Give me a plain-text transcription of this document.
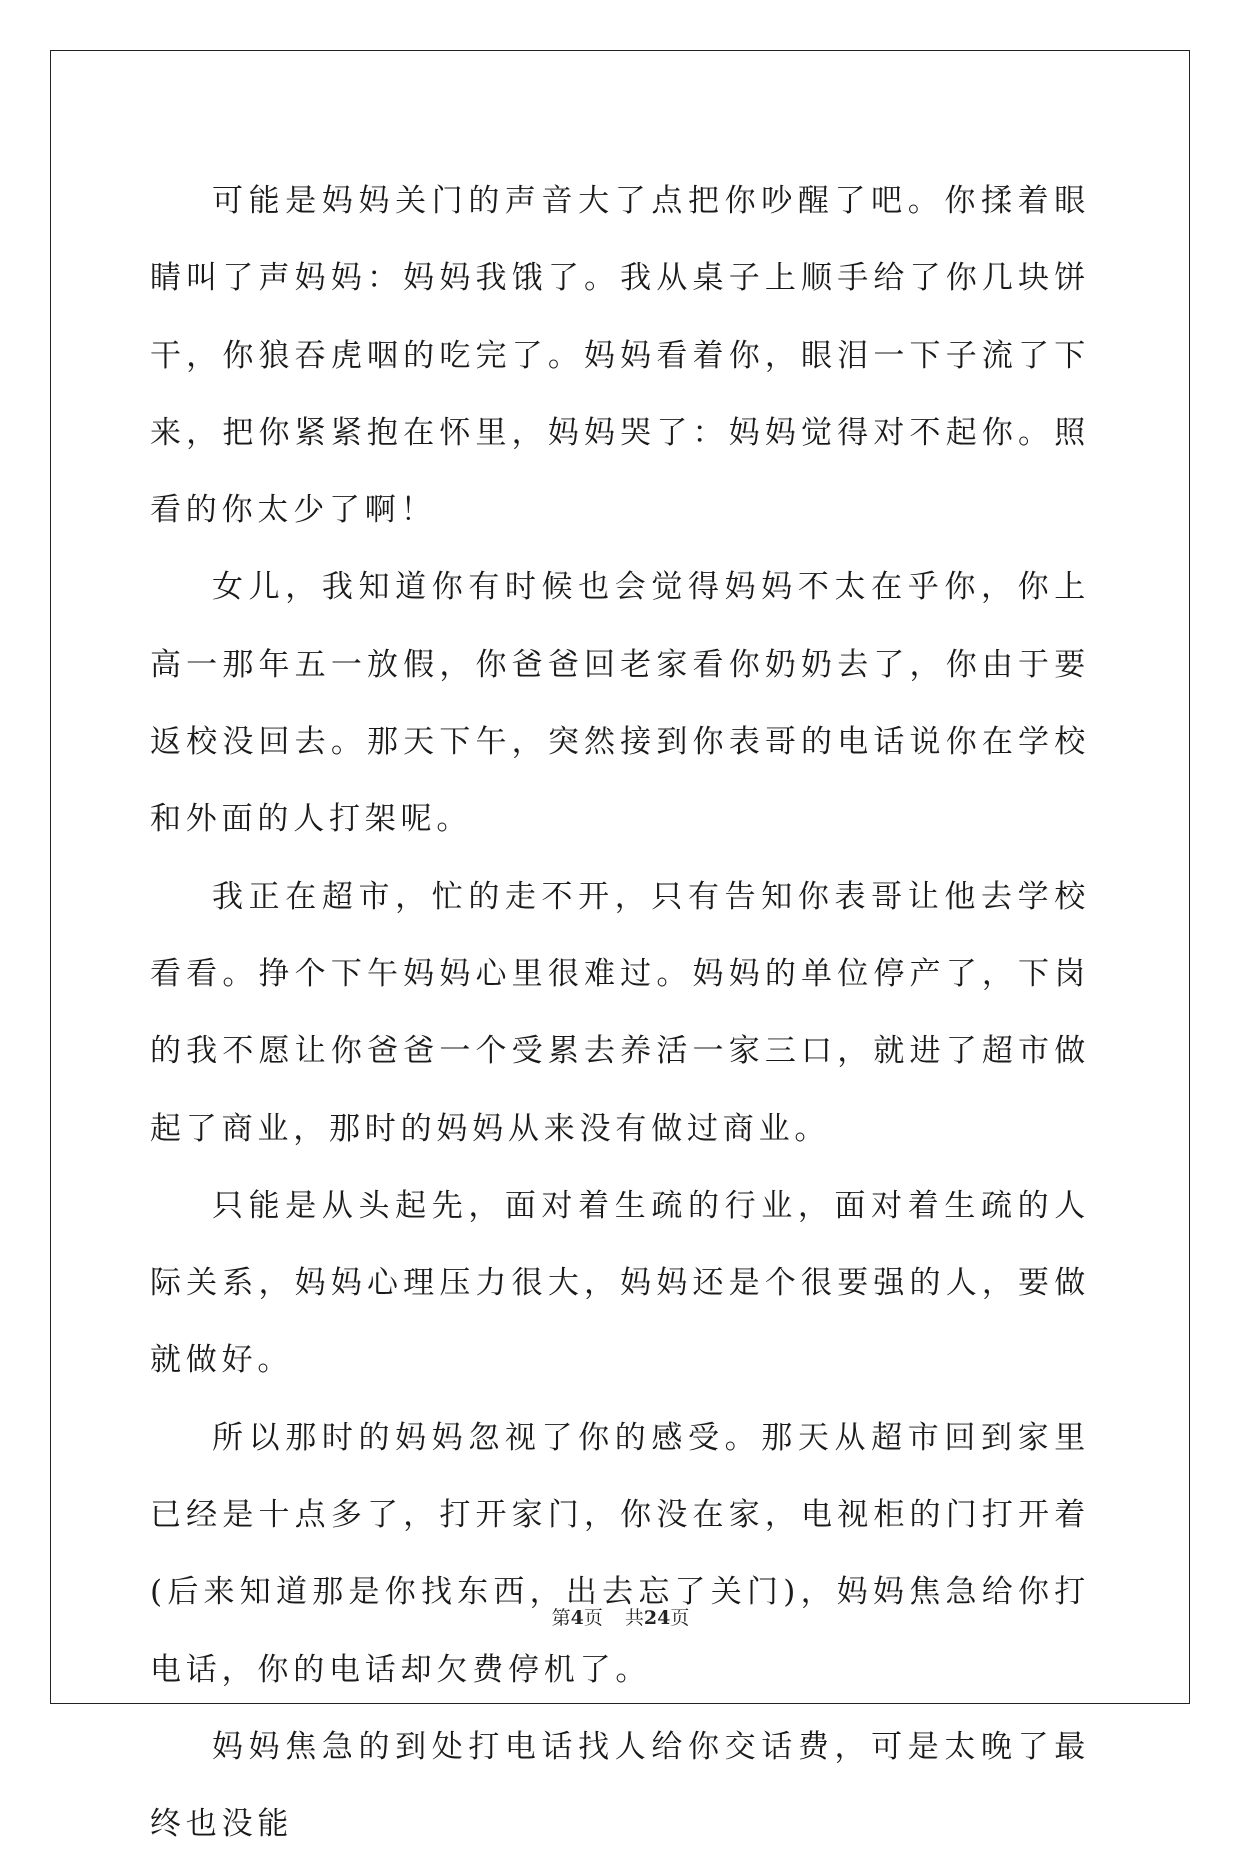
可能是妈妈关门的声音大了点把你吵醒了吧。你揉着眼睛叫了声妈妈：妈妈我饿了。我从桌子上顺手给了你几块饼干，你狼吞虎咽的吃完了。妈妈看着你，眼泪一下子流了下来，把你紧紧抱在怀里，妈妈哭了：妈妈觉得对不起你。照看的你太少了啊！

女儿，我知道你有时候也会觉得妈妈不太在乎你，你上高一那年五一放假，你爸爸回老家看你奶奶去了，你由于要返校没回去。那天下午，突然接到你表哥的电话说你在学校和外面的人打架呢。

我正在超市，忙的走不开，只有告知你表哥让他去学校看看。挣个下午妈妈心里很难过。妈妈的单位停产了，下岗的我不愿让你爸爸一个受累去养活一家三口，就进了超市做起了商业，那时的妈妈从来没有做过商业。

只能是从头起先，面对着生疏的行业，面对着生疏的人际关系，妈妈心理压力很大，妈妈还是个很要强的人，要做就做好。

所以那时的妈妈忽视了你的感受。那天从超市回到家里已经是十点多了，打开家门，你没在家，电视柜的门打开着(后来知道那是你找东西，出去忘了关门)，妈妈焦急给你打电话，你的电话却欠费停机了。

妈妈焦急的到处打电话找人给你交话费，可是太晚了最终也没能

第4页 共24页
